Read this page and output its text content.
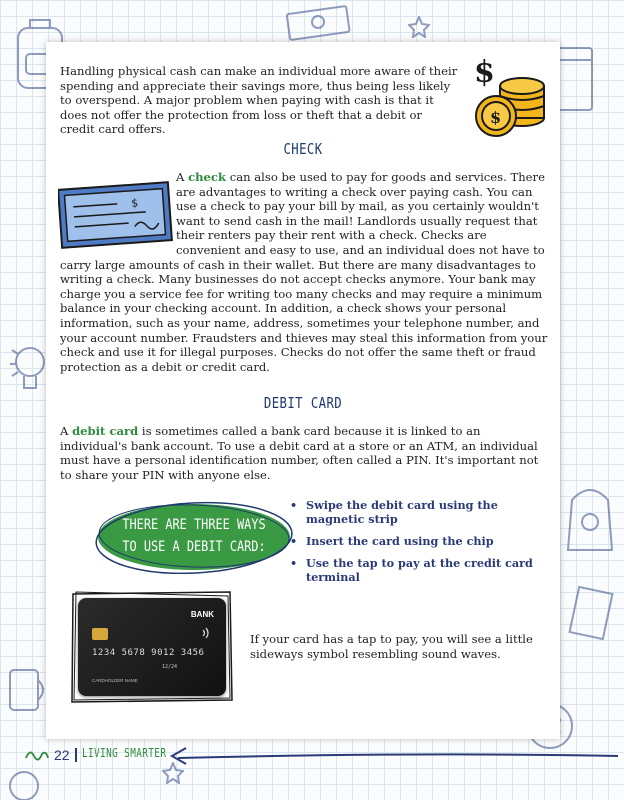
Handling physical cash can make an individual more aware of their spending and appreciate their savings more, thus being less likely to overspend. A major problem when paying with cash is that it does not offer the protection from loss or theft that a debit or credit card offers.

$
$
CHECK
$

A check can also be used to pay for goods and services. There are advantages to writing a check over paying cash. You can use a check to pay your bill by mail, as you certainly wouldn't want to send cash in the mail! Landlords usually request that their renters pay their rent with a check. Checks are convenient and easy to use, and an individual does not have to carry large amounts of cash in their wallet. But there are many disadvantages to writing a check. Many businesses do not accept checks anymore. Your bank may charge you a service fee for writing too many checks and may require a minimum balance in your checking account. In addition, a check shows your personal information, such as your name, address, sometimes your telephone number, and your account number. Fraudsters and thieves may steal this information from your check and use it for illegal purposes. Checks do not offer the same theft or fraud protection as a debit or credit card.

DEBIT CARD

A debit card is sometimes called a bank card because it is linked to an individual's bank account. To use a debit card at a store or an ATM, an individual must have a personal identification number, often called a PIN. It's important not to share your PIN with anyone else.

THERE ARE THREE WAYS
TO USE A DEBIT CARD:
• Swipe the debit card using the magnetic strip
• Insert the card using the chip
• Use the tap to pay at the credit card terminal
BANK
1234 5678 9012 3456
12/24
CARDHOLDER NAME

If your card has a tap to pay, you will see a little sideways symbol resembling sound waves.

22 LIVING SMARTER
